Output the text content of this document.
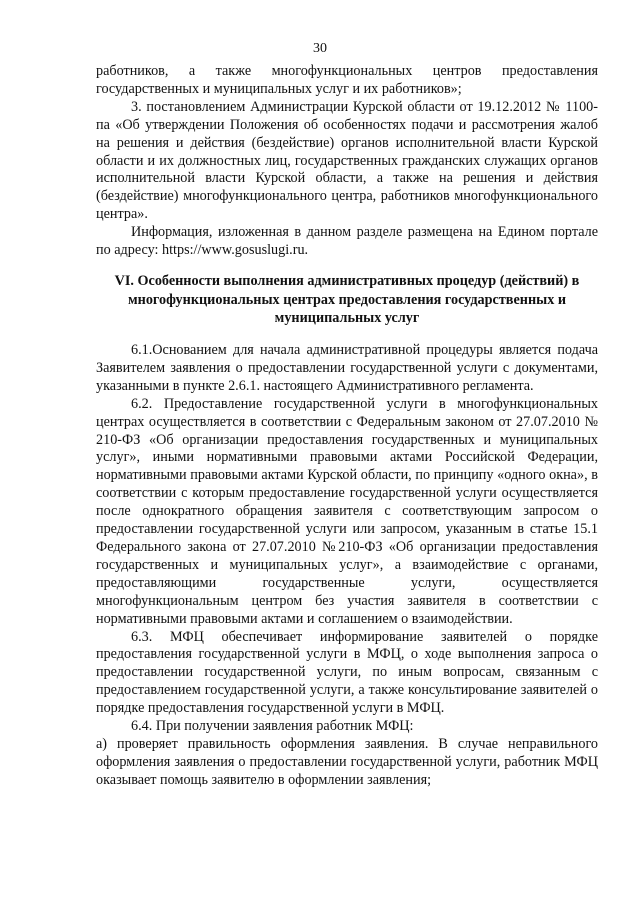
30

работников, а также многофункциональных центров предоставления государственных и муниципальных услуг и их работников»;

3. постановлением Администрации Курской области от 19.12.2012 № 1100-па «Об утверждении Положения об особенностях подачи и рассмотрения жалоб на решения и действия (бездействие) органов исполнительной власти Курской области и их должностных лиц, государственных гражданских служащих органов исполнительной власти Курской области, а также на решения и действия (бездействие) многофункционального центра, работников многофункционального центра».

Информация, изложенная в данном разделе размещена на Едином портале по адресу: https://www.gosuslugi.ru.

VI. Особенности выполнения административных процедур (действий) в
многофункциональных центрах предоставления государственных и
муниципальных услуг

6.1.Основанием для начала административной процедуры является подача Заявителем заявления о предоставлении государственной услуги с документами, указанными в пункте 2.6.1. настоящего Административного регламента.

6.2. Предоставление государственной услуги в многофункциональных центрах осуществляется в соответствии с Федеральным законом от 27.07.2010 № 210-ФЗ «Об организации предоставления государственных и муниципальных услуг», иными нормативными правовыми актами Российской Федерации, нормативными правовыми актами Курской области, по принципу «одного окна», в соответствии с которым предоставление государственной услуги осуществляется после однократного обращения заявителя с соответствующим запросом о предоставлении государственной услуги или запросом, указанным в статье 15.1 Федерального закона от 27.07.2010 №210-ФЗ «Об организации предоставления государственных и муниципальных услуг», а взаимодействие с органами, предоставляющими государственные услуги, осуществляется многофункциональным центром без участия заявителя в соответствии с нормативными правовыми актами и соглашением о взаимодействии.

6.3. МФЦ обеспечивает информирование заявителей о порядке предоставления государственной услуги в МФЦ, о ходе выполнения запроса о предоставлении государственной услуги, по иным вопросам, связанным с предоставлением государственной услуги, а также консультирование заявителей о порядке предоставления государственной услуги в МФЦ.

6.4. При получении заявления работник МФЦ:

а) проверяет правильность оформления заявления. В случае неправильного оформления заявления о предоставлении государственной услуги, работник МФЦ оказывает помощь заявителю в оформлении заявления;
